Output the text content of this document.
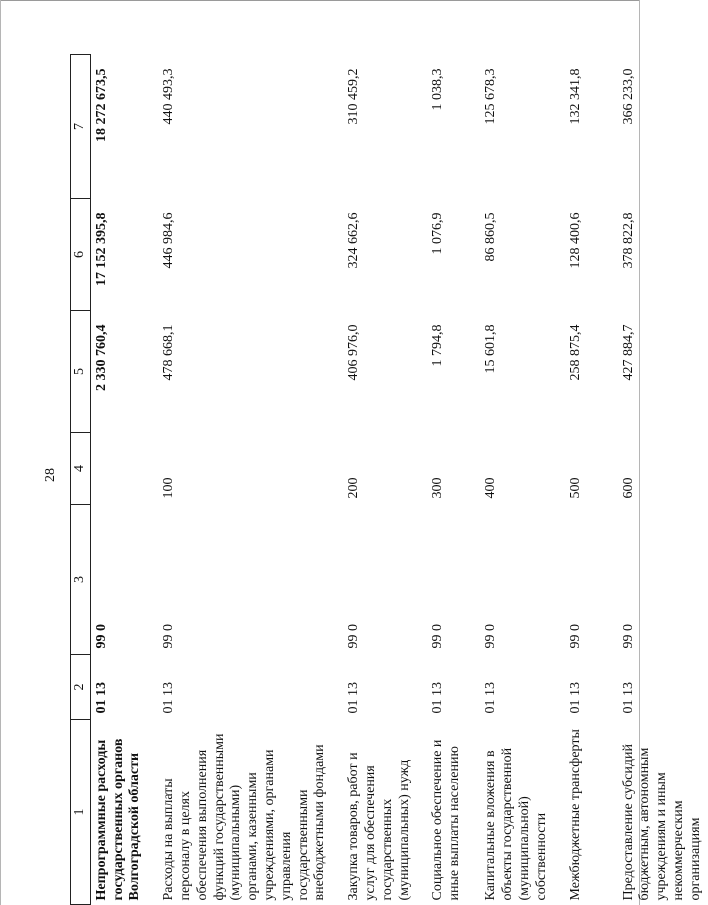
28
1	2	3	4	5	6	7
Непрограммные расходы государственных органов Волгоградской области	01 13	99 0		2 330 760,4	17 152 395,8	18 272 673,5
Расходы на выплаты персоналу в целях обеспечения выполнения функций государственными (муниципальными) органами, казенными учреждениями, органами управления государственными внебюджетными фондами	01 13	99 0	100	478 668,1	446 984,6	440 493,3
Закупка товаров, работ и услуг для обеспечения государственных (муниципальных) нужд	01 13	99 0	200	406 976,0	324 662,6	310 459,2
Социальное обеспечение и иные выплаты населению	01 13	99 0	300	1 794,8	1 076,9	1 038,3
Капитальные вложения в объекты государственной (муниципальной) собственности	01 13	99 0	400	15 601,8	86 860,5	125 678,3
Межбюджетные трансферты	01 13	99 0	500	258 875,4	128 400,6	132 341,8
Предоставление субсидий бюджетным, автономным учреждениям и иным некоммерческим организациям	01 13	99 0	600	427 884,7	378 822,8	366 233,0
